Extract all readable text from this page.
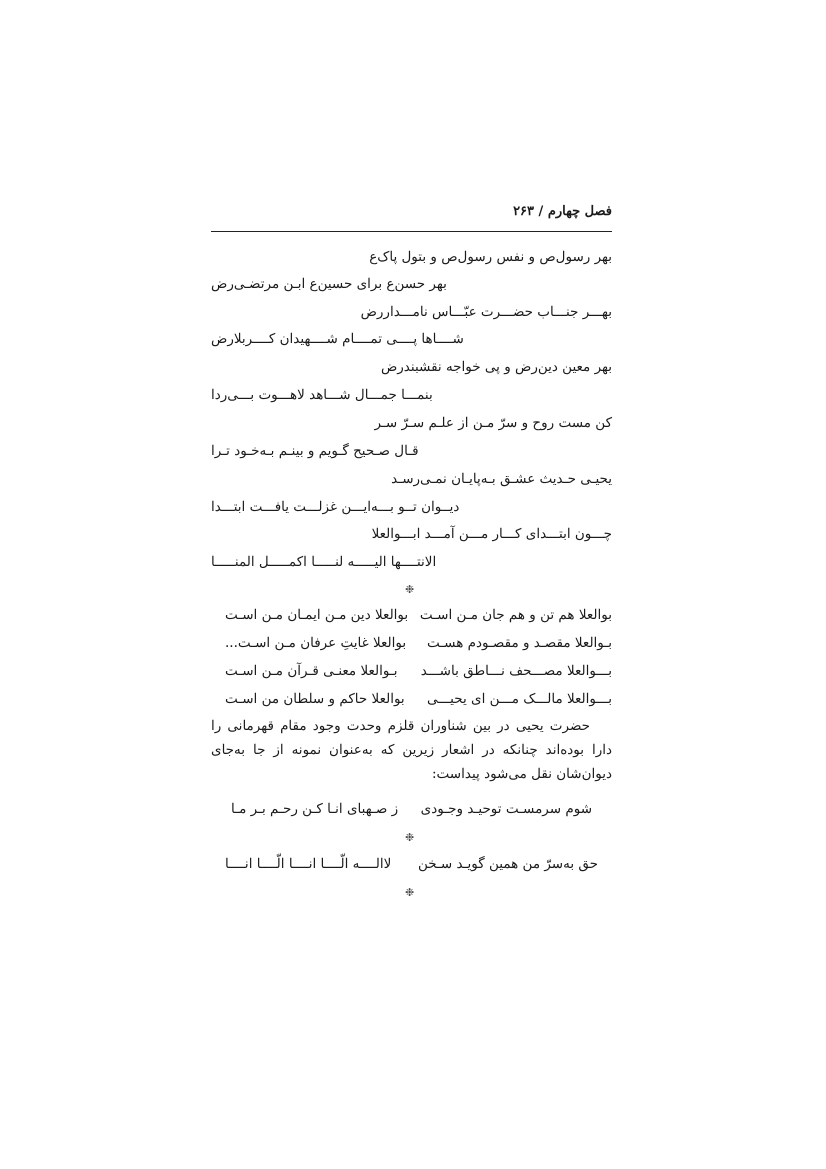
فصل چهارم / ۲۶۳
بهر رسول‌ص و نفس رسول‌ص و بتول پاک‌ع
بهر حسن‌ع برای حسین‌ع ابـن مرتضـی‌رض
بهـــر جنـــاب حضـــرت عبّـــاس نامـــدار‌رض
شــــاها پــــی تمــــام شــــهیدان کــــربلا‌رض
بهر معین دین‌رض و پی خواجه نقشبند‌رض
بنمـــا جمـــال شـــاهد لاهـــوت بـــی‌ردا
کن مست روح و سرّ مـن از علـم سـرّ سـر
قـال صـحیح گـویم و بینـم بـه‌خـود تـرا
یحیـی حـدیث عشـق بـه‌پایـان نمـی‌رسـد
دیــوان تــو بـــه‌ایـــن غزلـــت یافـــت ابتـــدا
چـــون ابتـــدای کـــار مـــن آمـــد ابـــوالعلا
الانتــــها الیـــــه لنـــــا اکمـــــل المنـــــا
❉
بوالعلا هم تن و هم جان مـن اسـت
بوالعلا دین مـن ایمـان مـن اسـت
بـوالعلا مقصـد و مقصـودم هسـت
بوالعلا غایتِ عرفان مـن اسـت...
بـــوالعلا مصـــحف نـــاطق باشـــد
بـوالعلا معنـی قـرآن مـن اسـت
بـــوالعلا مالـــک مـــن ای یحیـــی
بوالعلا حاکم و سلطان من اسـت
حضرت یحیی در بین شناوران قلزم وحدت وجود مقام قهرمانی را دارا بوده‌اند چنانکه در اشعار زیرین که به‌عنوان نمونه از جا به‌جای دیوان‌شان نقل می‌شود پیداست:
شوم سرمسـت توحیـد وجـودی
ز صـهبای انـا کـن رحـم بـر مـا
❉
حق به‌سرّ من همین گویـد سـخن
لاالــــه الّــــا انــــا الّــــا انــــا
❉
